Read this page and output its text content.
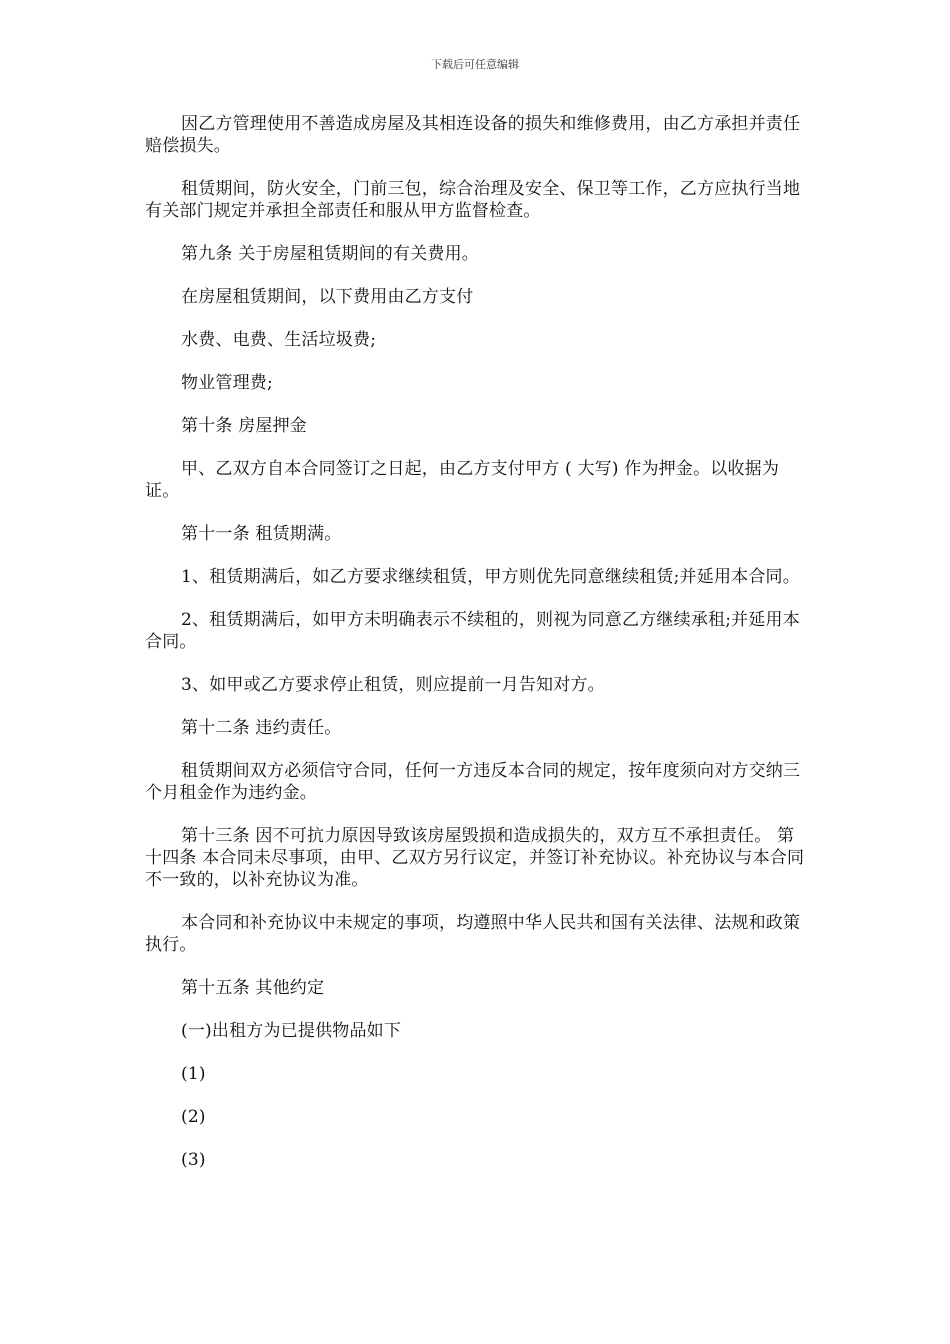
下载后可任意编辑

因乙方管理使用不善造成房屋及其相连设备的损失和维修费用，由乙方承担并责任赔偿损失。

租赁期间，防火安全，门前三包，综合治理及安全、保卫等工作，乙方应执行当地有关部门规定并承担全部责任和服从甲方监督检查。

第九条 关于房屋租赁期间的有关费用。

在房屋租赁期间，以下费用由乙方支付

水费、电费、生活垃圾费;

物业管理费;

第十条 房屋押金

甲、乙双方自本合同签订之日起，由乙方支付甲方 ( 大写) 作为押金。以收据为证。

第十一条 租赁期满。

1、租赁期满后，如乙方要求继续租赁，甲方则优先同意继续租赁;并延用本合同。

2、租赁期满后，如甲方未明确表示不续租的，则视为同意乙方继续承租;并延用本合同。

3、如甲或乙方要求停止租赁，则应提前一月告知对方。

第十二条 违约责任。

租赁期间双方必须信守合同，任何一方违反本合同的规定，按年度须向对方交纳三个月租金作为违约金。

第十三条 因不可抗力原因导致该房屋毁损和造成损失的，双方互不承担责任。 第十四条 本合同未尽事项，由甲、乙双方另行议定，并签订补充协议。补充协议与本合同不一致的，以补充协议为准。

本合同和补充协议中未规定的事项，均遵照中华人民共和国有关法律、法规和政策执行。

第十五条 其他约定

(一)出租方为已提供物品如下

(1)

(2)

(3)
